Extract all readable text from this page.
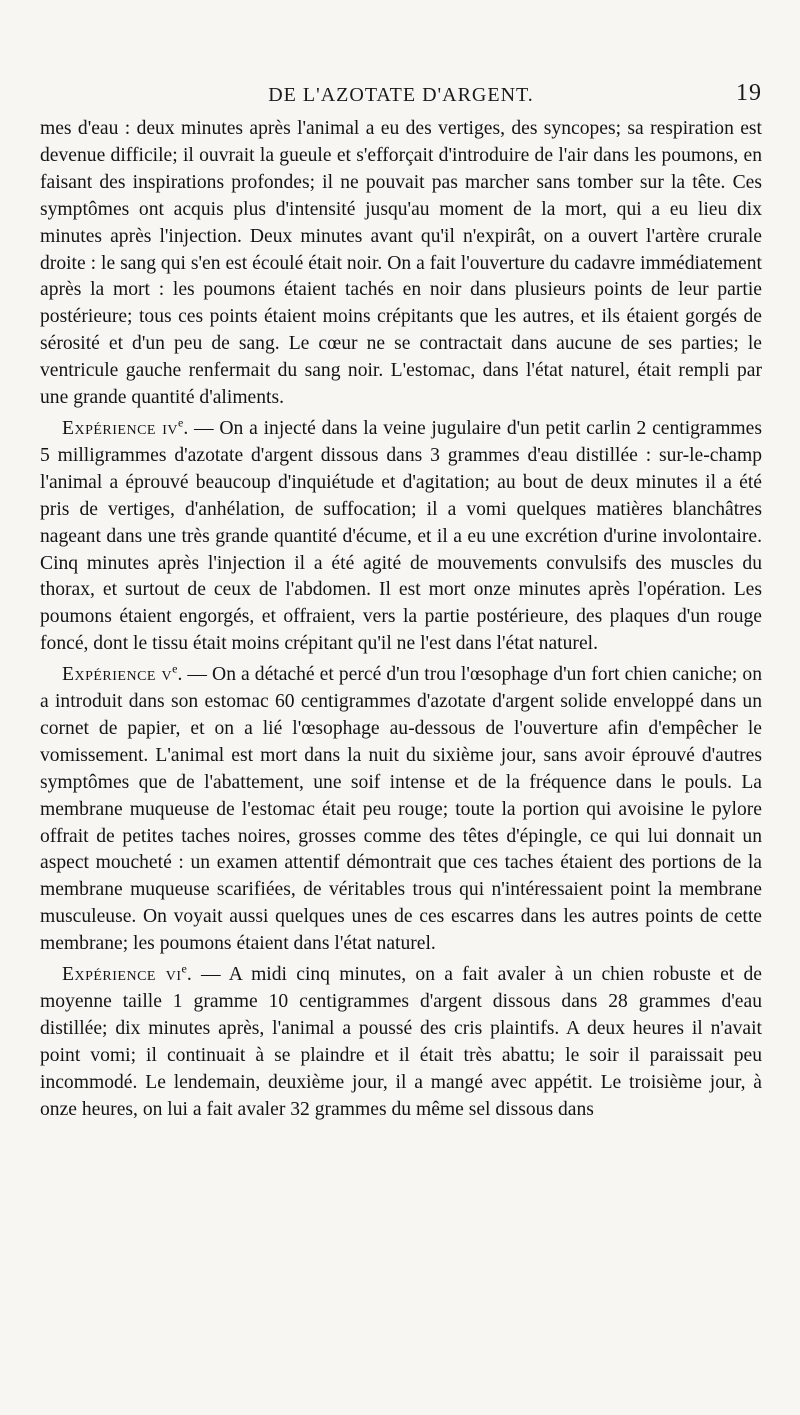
DE L'AZOTATE D'ARGENT.	19

mes d'eau : deux minutes après l'animal a eu des vertiges, des syncopes; sa respiration est devenue difficile; il ouvrait la gueule et s'efforçait d'introduire de l'air dans les poumons, en faisant des inspirations profondes; il ne pouvait pas marcher sans tomber sur la tête. Ces symptômes ont acquis plus d'intensité jusqu'au moment de la mort, qui a eu lieu dix minutes après l'injection. Deux minutes avant qu'il n'expirât, on a ouvert l'artère crurale droite : le sang qui s'en est écoulé était noir. On a fait l'ouverture du cadavre immédiatement après la mort : les poumons étaient tachés en noir dans plusieurs points de leur partie postérieure; tous ces points étaient moins crépitants que les autres, et ils étaient gorgés de sérosité et d'un peu de sang. Le cœur ne se contractait dans aucune de ses parties; le ventricule gauche renfermait du sang noir. L'estomac, dans l'état naturel, était rempli par une grande quantité d'aliments.

Expérience $iv^e$. — On a injecté dans la veine jugulaire d'un petit carlin 2 centigrammes 5 milligrammes d'azotate d'argent dissous dans 3 grammes d'eau distillée : sur-le-champ l'animal a éprouvé beaucoup d'inquiétude et d'agitation; au bout de deux minutes il a été pris de vertiges, d'anhélation, de suffocation; il a vomi quelques matières blanchâtres nageant dans une très grande quantité d'écume, et il a eu une excrétion d'urine involontaire. Cinq minutes après l'injection il a été agité de mouvements convulsifs des muscles du thorax, et surtout de ceux de l'abdomen. Il est mort onze minutes après l'opération. Les poumons étaient engorgés, et offraient, vers la partie postérieure, des plaques d'un rouge foncé, dont le tissu était moins crépitant qu'il ne l'est dans l'état naturel.

Expérience $v^e$. — On a détaché et percé d'un trou l'œsophage d'un fort chien caniche; on a introduit dans son estomac 60 centigrammes d'azotate d'argent solide enveloppé dans un cornet de papier, et on a lié l'œsophage au-dessous de l'ouverture afin d'empêcher le vomissement. L'animal est mort dans la nuit du sixième jour, sans avoir éprouvé d'autres symptômes que de l'abattement, une soif intense et de la fréquence dans le pouls. La membrane muqueuse de l'estomac était peu rouge; toute la portion qui avoisine le pylore offrait de petites taches noires, grosses comme des têtes d'épingle, ce qui lui donnait un aspect moucheté : un examen attentif démontrait que ces taches étaient des portions de la membrane muqueuse scarifiées, de véritables trous qui n'intéressaient point la membrane musculeuse. On voyait aussi quelques unes de ces escarres dans les autres points de cette membrane; les poumons étaient dans l'état naturel.

Expérience $vi^e$. — A midi cinq minutes, on a fait avaler à un chien robuste et de moyenne taille 1 gramme 10 centigrammes d'argent dissous dans 28 grammes d'eau distillée; dix minutes après, l'animal a poussé des cris plaintifs. A deux heures il n'avait point vomi; il continuait à se plaindre et il était très abattu; le soir il paraissait peu incommodé. Le lendemain, deuxième jour, il a mangé avec appétit. Le troisième jour, à onze heures, on lui a fait avaler 32 grammes du même sel dissous dans
